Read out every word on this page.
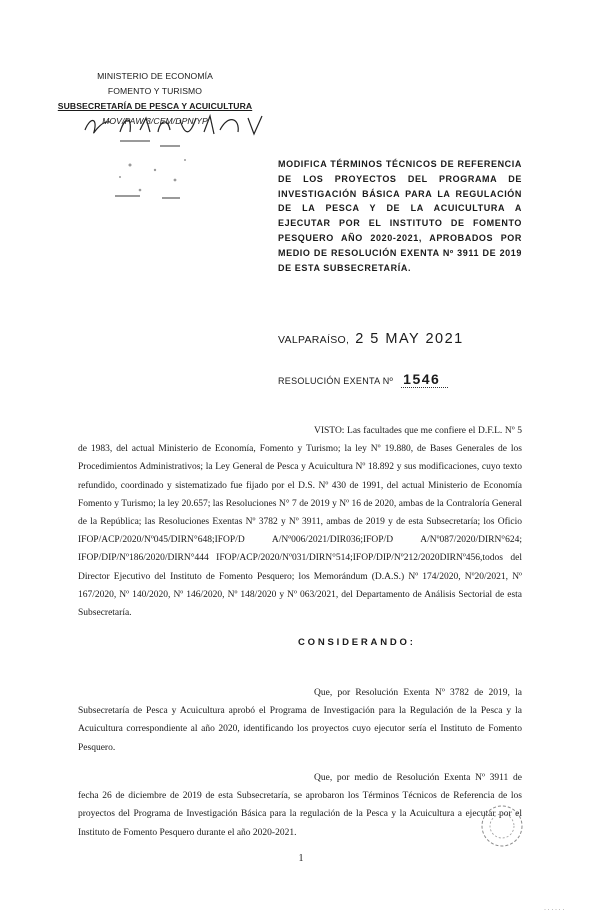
MINISTERIO DE ECONOMÍA
FOMENTO Y TURISMO
SUBSECRETARÍA DE PESCA Y ACUICULTURA
MOV/PAW/3/CEM/DPN/YP
MODIFICA TÉRMINOS TÉCNICOS DE REFERENCIA DE LOS PROYECTOS DEL PROGRAMA DE INVESTIGACIÓN BÁSICA PARA LA REGULACIÓN DE LA PESCA Y DE LA ACUICULTURA A EJECUTAR POR EL INSTITUTO DE FOMENTO PESQUERO AÑO 2020-2021, APROBADOS POR MEDIO DE RESOLUCIÓN EXENTA Nº 3911 DE 2019 DE ESTA SUBSECRETARÍA.
VALPARAÍSO, 2 5 MAY 2021
RESOLUCIÓN EXENTA Nº 1546
VISTO: Las facultades que me confiere el D.F.L. Nº 5 de 1983, del actual Ministerio de Economía, Fomento y Turismo; la ley Nº 19.880, de Bases Generales de los Procedimientos Administrativos; la Ley General de Pesca y Acuicultura Nº 18.892 y sus modificaciones, cuyo texto refundido, coordinado y sistematizado fue fijado por el D.S. Nº 430 de 1991, del actual Ministerio de Economía Fomento y Turismo; la ley 20.657; las Resoluciones N° 7 de 2019 y Nº 16 de 2020, ambas de la Contraloría General de la República; las Resoluciones Exentas Nº 3782 y Nº 3911, ambas de 2019 y de esta Subsecretaría; los Oficio IFOP/ACP/2020/Nº045/DIRN°648;IFOP/D A/Nº006/2021/DIR036;IFOP/D A/Nº087/2020/DIRN°624; IFOP/DIP/Nº186/2020/DIRN°444 IFOP/ACP/2020/Nº031/DIRN°514;IFOP/DIP/Nº212/2020DIRNº456,todos del Director Ejecutivo del Instituto de Fomento Pesquero; los Memorándum (D.A.S.) Nº 174/2020, Nº20/2021, Nº 167/2020, Nº 140/2020, Nº 146/2020, Nº 148/2020 y Nº 063/2021, del Departamento de Análisis Sectorial de esta Subsecretaría.
CONSIDERANDO:
Que, por Resolución Exenta Nº 3782 de 2019, la Subsecretaría de Pesca y Acuicultura aprobó el Programa de Investigación para la Regulación de la Pesca y la Acuicultura correspondiente al año 2020, identificando los proyectos cuyo ejecutor sería el Instituto de Fomento Pesquero.
Que, por medio de Resolución Exenta Nº 3911 de fecha 26 de diciembre de 2019 de esta Subsecretaría, se aprobaron los Términos Técnicos de Referencia de los proyectos del Programa de Investigación Básica para la regulación de la Pesca y la Acuicultura a ejecutar por el Instituto de Fomento Pesquero durante el año 2020-2021.
1
· · · · · ·
